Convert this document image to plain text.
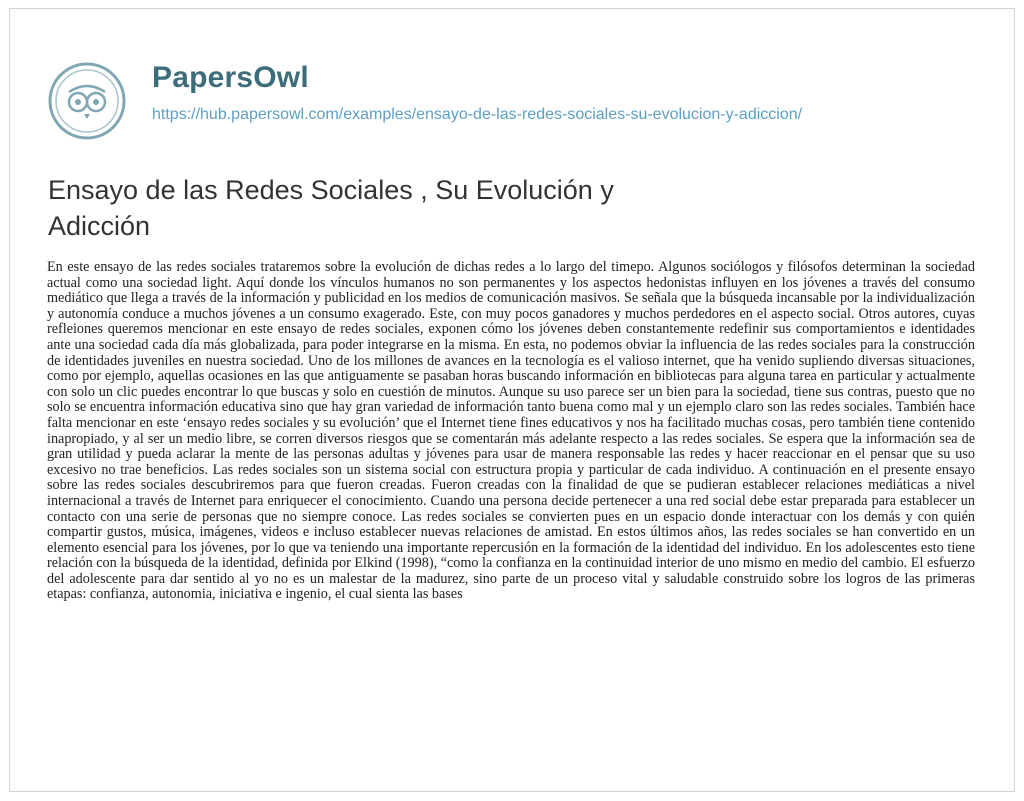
PapersOwl
https://hub.papersowl.com/examples/ensayo-de-las-redes-sociales-su-evolucion-y-adiccion/
Ensayo de las Redes Sociales , Su Evolución y Adicción

En este ensayo de las redes sociales trataremos sobre la evolución de dichas redes a lo largo del timepo. Algunos sociólogos y filósofos determinan la sociedad actual como una sociedad light. Aquí donde los vínculos humanos no son permanentes y los aspectos hedonistas influyen en los jóvenes a través del consumo mediático que llega a través de la información y publicidad en los medios de comunicación masivos. Se señala que la búsqueda incansable por la individualización y autonomía conduce a muchos jóvenes a un consumo exagerado. Este, con muy pocos ganadores y muchos perdedores en el aspecto social. Otros autores, cuyas refleiones queremos mencionar en este ensayo de redes sociales, exponen cómo los jóvenes deben constantemente redefinir sus comportamientos e identidades ante una sociedad cada día más globalizada, para poder integrarse en la misma. En esta, no podemos obviar la influencia de las redes sociales para la construcción de identidades juveniles en nuestra sociedad. Uno de los millones de avances en la tecnología es el valioso internet, que ha venido supliendo diversas situaciones, como por ejemplo, aquellas ocasiones en las que antiguamente se pasaban horas buscando información en bibliotecas para alguna tarea en particular y actualmente con solo un clic puedes encontrar lo que buscas y solo en cuestión de minutos. Aunque su uso parece ser un bien para la sociedad, tiene sus contras, puesto que no solo se encuentra información educativa sino que hay gran variedad de información tanto buena como mal y un ejemplo claro son las redes sociales. También hace falta mencionar en este ‘ensayo redes sociales y su evolución’ que el Internet tiene fines educativos y nos ha facilitado muchas cosas, pero también tiene contenido inapropiado, y al ser un medio libre, se corren diversos riesgos que se comentarán más adelante respecto a las redes sociales. Se espera que la información sea de gran utilidad y pueda aclarar la mente de las personas adultas y jóvenes para usar de manera responsable las redes y hacer reaccionar en el pensar que su uso excesivo no trae beneficios. Las redes sociales son un sistema social con estructura propia y particular de cada individuo. A continuación en el presente ensayo sobre las redes sociales descubriremos para que fueron creadas. Fueron creadas con la finalidad de que se pudieran establecer relaciones mediáticas a nivel internacional a través de Internet para enriquecer el conocimiento. Cuando una persona decide pertenecer a una red social debe estar preparada para establecer un contacto con una serie de personas que no siempre conoce. Las redes sociales se convierten pues en un espacio donde interactuar con los demás y con quién compartir gustos, música, imágenes, videos e incluso establecer nuevas relaciones de amistad. En estos últimos años, las redes sociales se han convertido en un elemento esencial para los jóvenes, por lo que va teniendo una importante repercusión en la formación de la identidad del individuo. En los adolescentes esto tiene relación con la búsqueda de la identidad, definida por Elkind (1998), “como la confianza en la continuidad interior de uno mismo en medio del cambio. El esfuerzo del adolescente para dar sentido al yo no es un malestar de la madurez, sino parte de un proceso vital y saludable construido sobre los logros de las primeras etapas: confianza, autonomia, iniciativa e ingenio, el cual sienta las bases
